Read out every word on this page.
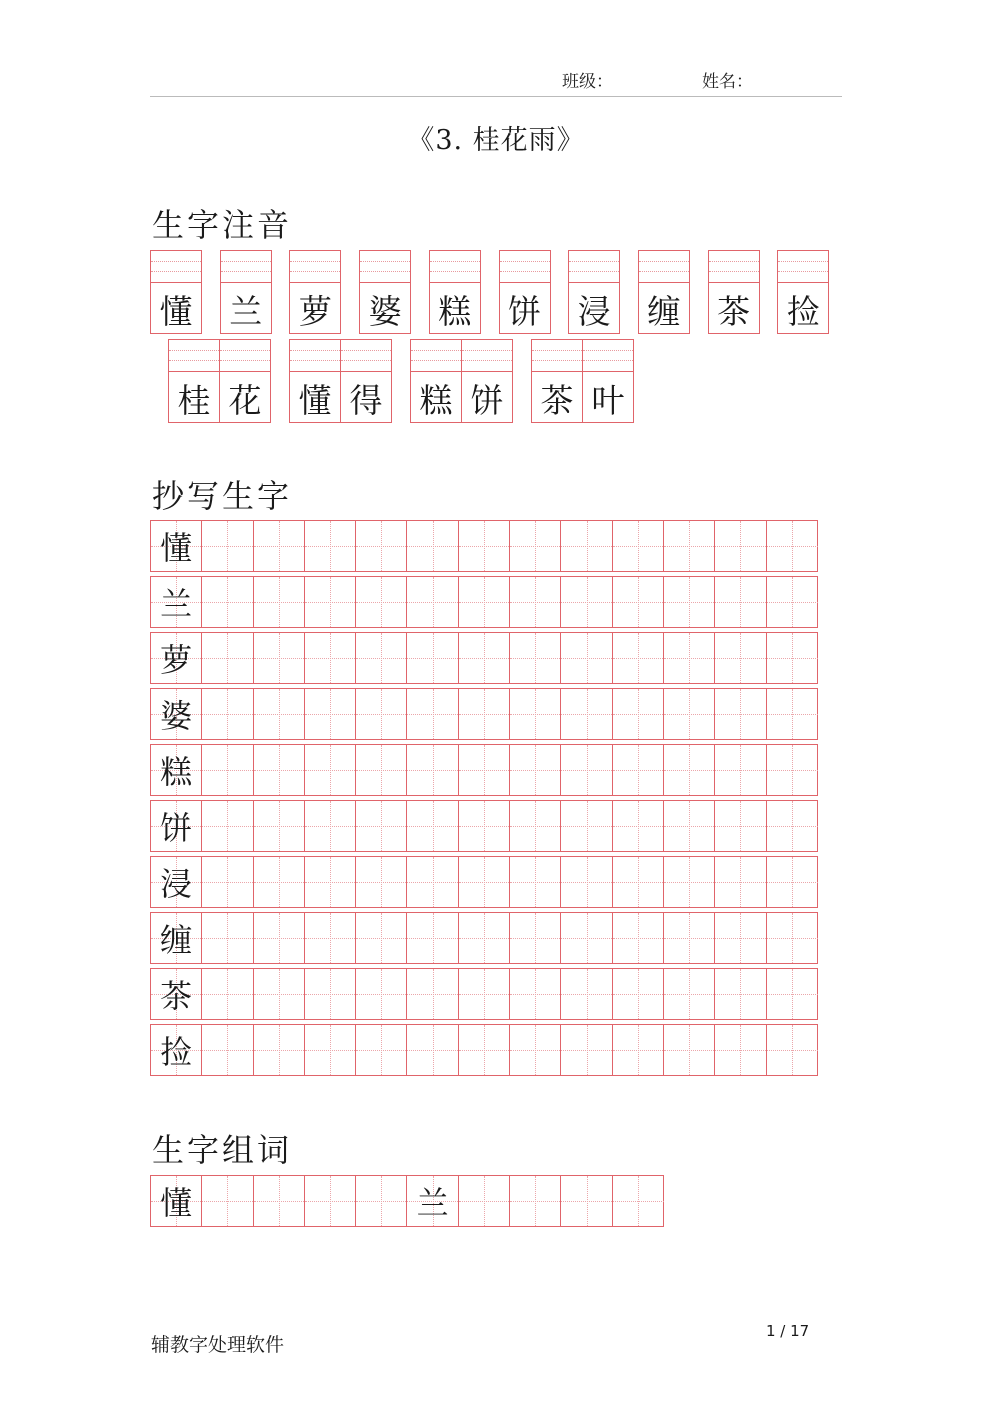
班级：	姓名：
《3. 桂花雨》
生字注音
懂 兰 萝 婆 糕 饼 浸 缠 茶 捡
桂 花 懂 得 糕 饼 茶 叶
抄写生字
懂
兰
萝
婆
糕
饼
浸
缠
茶
捡
生字组词
懂	兰
辅教字处理软件
1 / 17
